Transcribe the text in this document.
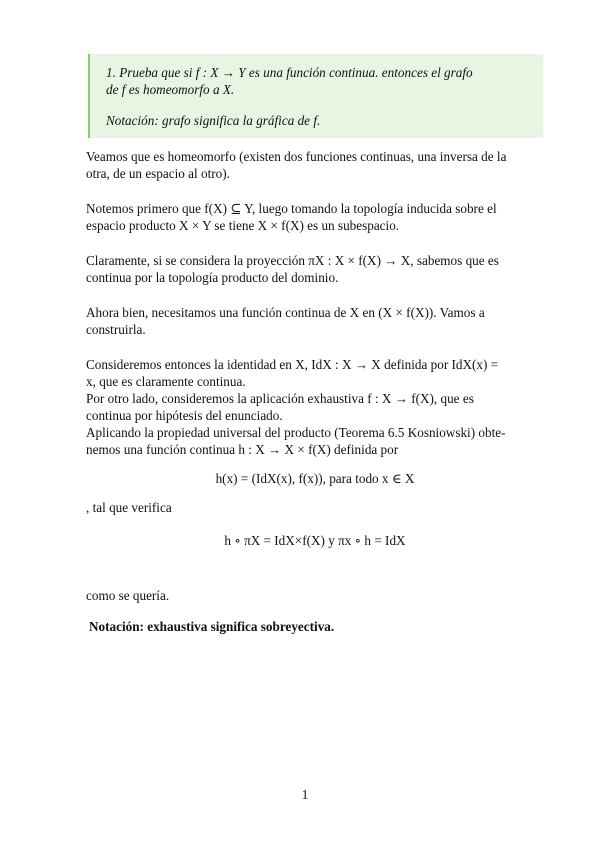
1. Prueba que si f : X → Y es una función continua. entonces el grafo

de f es homeomorfo a X.

Notación: grafo significa la gráfica de f.

Veamos que es homeomorfo (existen dos funciones continuas, una inversa de la

otra, de un espacio al otro).

Notemos primero que f(X) ⊆ Y, luego tomando la topología inducida sobre el

espacio producto X × Y se tiene X × f(X) es un subespacio.

Claramente, si se considera la proyección πX : X × f(X) → X, sabemos que es

continua por la topología producto del dominio.

Ahora bien, necesitamos una función continua de X en (X × f(X)). Vamos a

construirla.

Consideremos entonces la identidad en X, IdX : X → X definida por IdX(x) =

x, que es claramente continua.

Por otro lado, consideremos la aplicación exhaustiva f : X → f(X), que es

continua por hipótesis del enunciado.

Aplicando la propiedad universal del producto (Teorema 6.5 Kosniowski) obte-

nemos una función continua h : X → X × f(X) definida por

h(x) = (IdX(x), f(x)), para todo x ∈ X

, tal que verifica

h ∘ πX = IdX×f(X) y πx ∘ h = IdX

como se quería.

Notación: exhaustiva significa sobreyectiva.

1
